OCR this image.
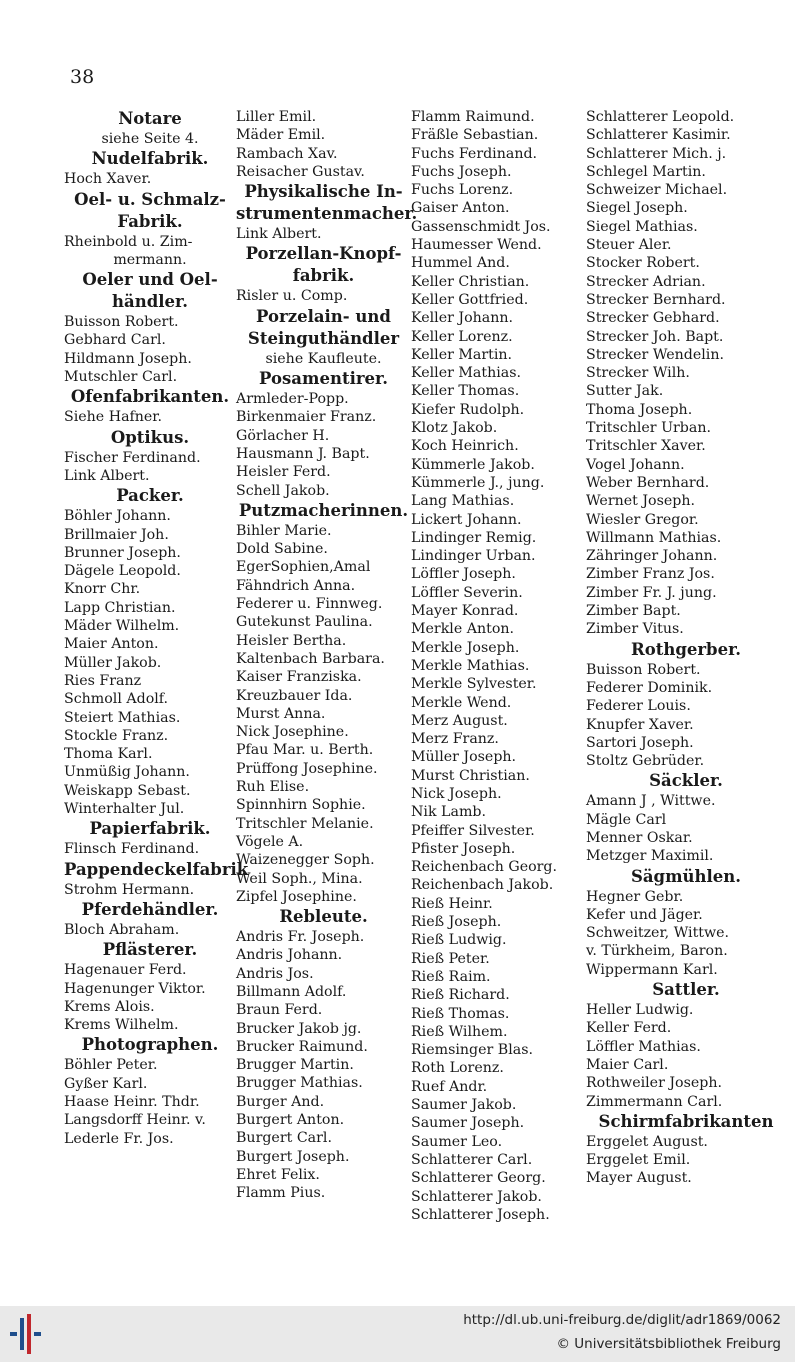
38
Notare
siehe Seite 4.
Nudelfabrik.
Hoch Xaver.
Oel- u. Schmalz-
Fabrik.
Rheinbold u. Zim-
mermann.
Oeler und Oel-
händler.
Buisson Robert.
Gebhard Carl.
Hildmann Joseph.
Mutschler Carl.
Ofenfabrikanten.
Siehe Hafner.
Optikus.
Fischer Ferdinand.
Link Albert.
Packer.
Böhler Johann.
Brillmaier Joh.
Brunner Joseph.
Dägele Leopold.
Knorr Chr.
Lapp Christian.
Mäder Wilhelm.
Maier Anton.
Müller Jakob.
Ries Franz
Schmoll Adolf.
Steiert Mathias.
Stockle Franz.
Thoma Karl.
Unmüßig Johann.
Weiskapp Sebast.
Winterhalter Jul.
Papierfabrik.
Flinsch Ferdinand.
Pappendeckelfabrik
Strohm Hermann.
Pferdehändler.
Bloch Abraham.
Pflästerer.
Hagenauer Ferd.
Hagenunger Viktor.
Krems Alois.
Krems Wilhelm.
Photographen.
Böhler Peter.
Gyßer Karl.
Haase Heinr. Thdr.
Langsdorff Heinr. v.
Lederle Fr. Jos.
Liller Emil.
Mäder Emil.
Rambach Xav.
Reisacher Gustav.
Physikalische In-
strumentenmacher.
Link Albert.
Porzellan-Knopf-
fabrik.
Risler u. Comp.
Porzelain- und
Steinguthändler
siehe Kaufleute.
Posamentirer.
Armleder-Popp.
Birkenmaier Franz.
Görlacher H.
Hausmann J. Bapt.
Heisler Ferd.
Schell Jakob.
Putzmacherinnen.
Bihler Marie.
Dold Sabine.
EgerSophien,Amal
Fähndrich Anna.
Federer u. Finnweg.
Gutekunst Paulina.
Heisler Bertha.
Kaltenbach Barbara.
Kaiser Franziska.
Kreuzbauer Ida.
Murst Anna.
Nick Josephine.
Pfau Mar. u. Berth.
Prüffong Josephine.
Ruh Elise.
Spinnhirn Sophie.
Tritschler Melanie.
Vögele A.
Waizenegger Soph.
Weil Soph., Mina.
Zipfel Josephine.
Rebleute.
Andris Fr. Joseph.
Andris Johann.
Andris Jos.
Billmann Adolf.
Braun Ferd.
Brucker Jakob jg.
Brucker Raimund.
Brugger Martin.
Brugger Mathias.
Burger And.
Burgert Anton.
Burgert Carl.
Burgert Joseph.
Ehret Felix.
Flamm Pius.
Flamm Raimund.
Fräßle Sebastian.
Fuchs Ferdinand.
Fuchs Joseph.
Fuchs Lorenz.
Gaiser Anton.
Gassenschmidt Jos.
Haumesser Wend.
Hummel And.
Keller Christian.
Keller Gottfried.
Keller Johann.
Keller Lorenz.
Keller Martin.
Keller Mathias.
Keller Thomas.
Kiefer Rudolph.
Klotz Jakob.
Koch Heinrich.
Kümmerle Jakob.
Kümmerle J., jung.
Lang Mathias.
Lickert Johann.
Lindinger Remig.
Lindinger Urban.
Löffler Joseph.
Löffler Severin.
Mayer Konrad.
Merkle Anton.
Merkle Joseph.
Merkle Mathias.
Merkle Sylvester.
Merkle Wend.
Merz August.
Merz Franz.
Müller Joseph.
Murst Christian.
Nick Joseph.
Nik Lamb.
Pfeiffer Silvester.
Pfister Joseph.
Reichenbach Georg.
Reichenbach Jakob.
Rieß Heinr.
Rieß Joseph.
Rieß Ludwig.
Rieß Peter.
Rieß Raim.
Rieß Richard.
Rieß Thomas.
Rieß Wilhem.
Riemsinger Blas.
Roth Lorenz.
Ruef Andr.
Saumer Jakob.
Saumer Joseph.
Saumer Leo.
Schlatterer Carl.
Schlatterer Georg.
Schlatterer Jakob.
Schlatterer Joseph.
Schlatterer Leopold.
Schlatterer Kasimir.
Schlatterer Mich. j.
Schlegel Martin.
Schweizer Michael.
Siegel Joseph.
Siegel Mathias.
Steuer Aler.
Stocker Robert.
Strecker Adrian.
Strecker Bernhard.
Strecker Gebhard.
Strecker Joh. Bapt.
Strecker Wendelin.
Strecker Wilh.
Sutter Jak.
Thoma Joseph.
Tritschler Urban.
Tritschler Xaver.
Vogel Johann.
Weber Bernhard.
Wernet Joseph.
Wiesler Gregor.
Willmann Mathias.
Zähringer Johann.
Zimber Franz Jos.
Zimber Fr. J. jung.
Zimber Bapt.
Zimber Vitus.
Rothgerber.
Buisson Robert.
Federer Dominik.
Federer Louis.
Knupfer Xaver.
Sartori Joseph.
Stoltz Gebrüder.
Säckler.
Amann J , Wittwe.
Mägle Carl
Menner Oskar.
Metzger Maximil.
Sägmühlen.
Hegner Gebr.
Kefer und Jäger.
Schweitzer, Wittwe.
v. Türkheim, Baron.
Wippermann Karl.
Sattler.
Heller Ludwig.
Keller Ferd.
Löffler Mathias.
Maier Carl.
Rothweiler Joseph.
Zimmermann Carl.
Schirmfabrikanten
Erggelet August.
Erggelet Emil.
Mayer August.
http://dl.ub.uni-freiburg.de/diglit/adr1869/0062
© Universitätsbibliothek Freiburg
